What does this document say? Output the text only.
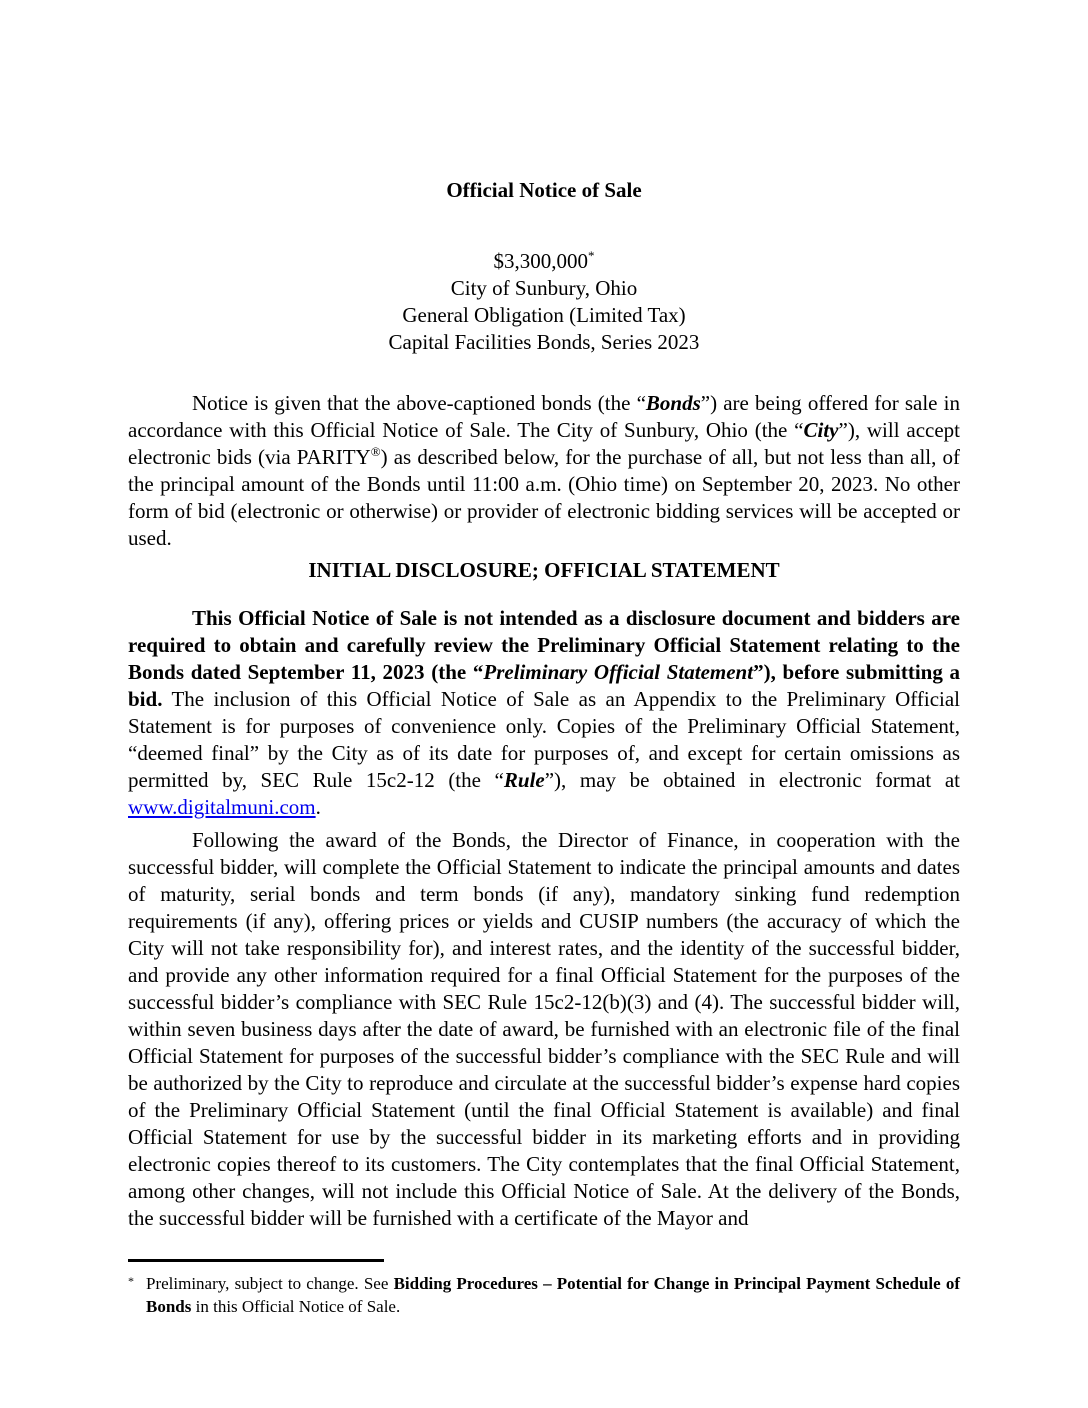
Official Notice of Sale
$3,300,000*
City of Sunbury, Ohio
General Obligation (Limited Tax)
Capital Facilities Bonds, Series 2023

Notice is given that the above-captioned bonds (the “Bonds”) are being offered for sale in accordance with this Official Notice of Sale. The City of Sunbury, Ohio (the “City”), will accept electronic bids (via PARITY®) as described below, for the purchase of all, but not less than all, of the principal amount of the Bonds until 11:00 a.m. (Ohio time) on September 20, 2023. No other form of bid (electronic or otherwise) or provider of electronic bidding services will be accepted or used.

INITIAL DISCLOSURE; OFFICIAL STATEMENT

This Official Notice of Sale is not intended as a disclosure document and bidders are required to obtain and carefully review the Preliminary Official Statement relating to the Bonds dated September 11, 2023 (the “Preliminary Official Statement”), before submitting a bid. The inclusion of this Official Notice of Sale as an Appendix to the Preliminary Official Statement is for purposes of convenience only. Copies of the Preliminary Official Statement, “deemed final” by the City as of its date for purposes of, and except for certain omissions as permitted by, SEC Rule 15c2-12 (the “Rule”), may be obtained in electronic format at www.digitalmuni.com.

Following the award of the Bonds, the Director of Finance, in cooperation with the successful bidder, will complete the Official Statement to indicate the principal amounts and dates of maturity, serial bonds and term bonds (if any), mandatory sinking fund redemption requirements (if any), offering prices or yields and CUSIP numbers (the accuracy of which the City will not take responsibility for), and interest rates, and the identity of the successful bidder, and provide any other information required for a final Official Statement for the purposes of the successful bidder’s compliance with SEC Rule 15c2-12(b)(3) and (4). The successful bidder will, within seven business days after the date of award, be furnished with an electronic file of the final Official Statement for purposes of the successful bidder’s compliance with the SEC Rule and will be authorized by the City to reproduce and circulate at the successful bidder’s expense hard copies of the Preliminary Official Statement (until the final Official Statement is available) and final Official Statement for use by the successful bidder in its marketing efforts and in providing electronic copies thereof to its customers. The City contemplates that the final Official Statement, among other changes, will not include this Official Notice of Sale. At the delivery of the Bonds, the successful bidder will be furnished with a certificate of the Mayor and

* Preliminary, subject to change. See Bidding Procedures – Potential for Change in Principal Payment Schedule of Bonds in this Official Notice of Sale.
